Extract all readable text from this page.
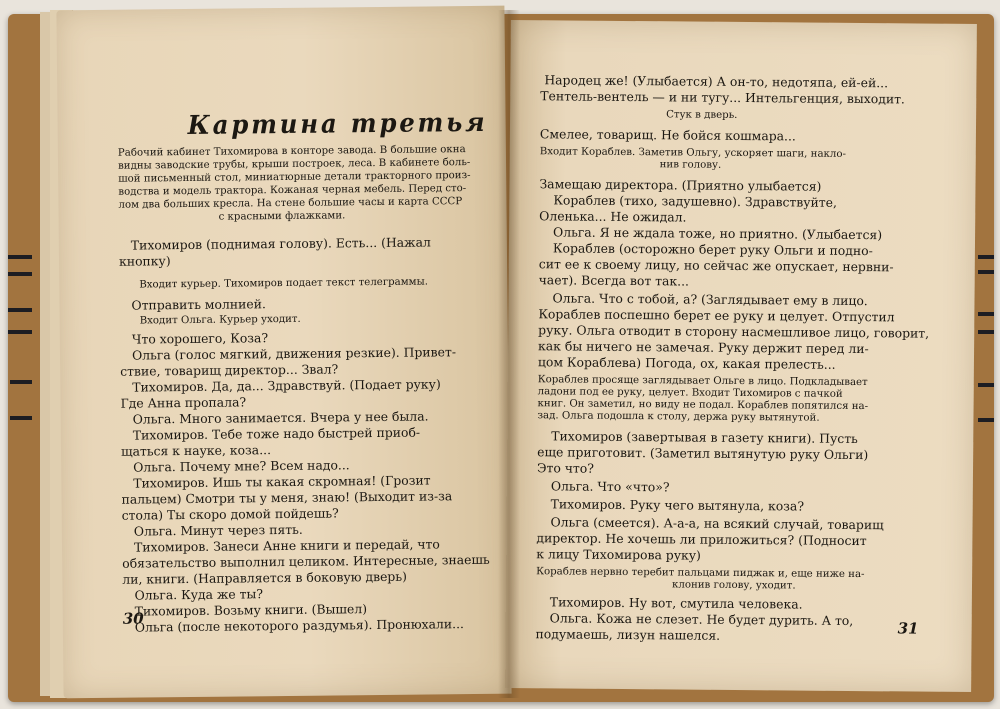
Картина третья
30
Рабочий кабинет Тихомирова в конторе завода. В большие окна
видны заводские трубы, крыши построек, леса. В кабинете боль-
шой письменный стол, миниатюрные детали тракторного произ-
водства и модель трактора. Кожаная черная мебель. Перед сто-
лом два больших кресла. На стене большие часы и карта СССР
с красными флажками.
Тихомиров (поднимая голову). Есть... (Нажал
кнопку)
Входит курьер. Тихомиров подает текст телеграммы.
Отправить молнией.
Входит Ольга. Курьер уходит.
Что хорошего, Коза?
Ольга (голос мягкий, движения резкие). Привет-
ствие, товарищ директор... Звал?
Тихомиров. Да, да... Здравствуй. (Подает руку)
Где Анна пропала?
Ольга. Много занимается. Вчера у нее была.
Тихомиров. Тебе тоже надо быстрей приоб-
щаться к науке, коза...
Ольга. Почему мне? Всем надо...
Тихомиров. Ишь ты какая скромная! (Грозит
пальцем) Смотри ты у меня, знаю! (Выходит из-за
стола) Ты скоро домой пойдешь?
Ольга. Минут через пять.
Тихомиров. Занеси Анне книги и передай, что
обязательство выполнил целиком. Интересные, знаешь
ли, книги. (Направляется в боковую дверь)
Ольга. Куда же ты?
Тихомиров. Возьму книги. (Вышел)
Ольга (после некоторого раздумья). Пронюхали...	31
Народец же! (Улыбается) А он-то, недотяпа, ей-ей...
Тентель-вентель — и ни тугу... Интельгенция, выходит.
Стук в дверь.
Смелее, товарищ. Не бойся кошмара...
Входит Кораблев. Заметив Ольгу, ускоряет шаги, накло-
нив голову.
Замещаю директора. (Приятно улыбается)
Кораблев (тихо, задушевно). Здравствуйте,
Оленька... Не ожидал.
Ольга. Я не ждала тоже, но приятно. (Улыбается)
Кораблев (осторожно берет руку Ольги и подно-
сит ее к своему лицу, но сейчас же опускает, нервни-
чает). Всегда вот так...
Ольга. Что с тобой, а? (Заглядывает ему в лицо.
Кораблев поспешно берет ее руку и целует. Отпустил
руку. Ольга отводит в сторону насмешливое лицо, говорит,
как бы ничего не замечая. Руку держит перед ли-
цом Кораблева) Погода, ох, какая прелесть...
Кораблев просяще заглядывает Ольге в лицо. Подкладывает
ладони под ее руку, целует. Входит Тихомиров с пачкой
книг. Он заметил, но виду не подал. Кораблев попятился на-
зад. Ольга подошла к столу, держа руку вытянутой.
Тихомиров (завертывая в газету книги). Пусть
еще приготовит. (Заметил вытянутую руку Ольги)
Это что?
Ольга. Что «что»?
Тихомиров. Руку чего вытянула, коза?
Ольга (смеется). А-а-а, на всякий случай, товарищ
директор. Не хочешь ли приложиться? (Подносит
к лицу Тихомирова руку)
Кораблев нервно теребит пальцами пиджак и, еще ниже на-
клонив голову, уходит.
Тихомиров. Ну вот, смутила человека.
Ольга. Кожа не слезет. Не будет дурить. А то,
подумаешь, лизун нашелся.
